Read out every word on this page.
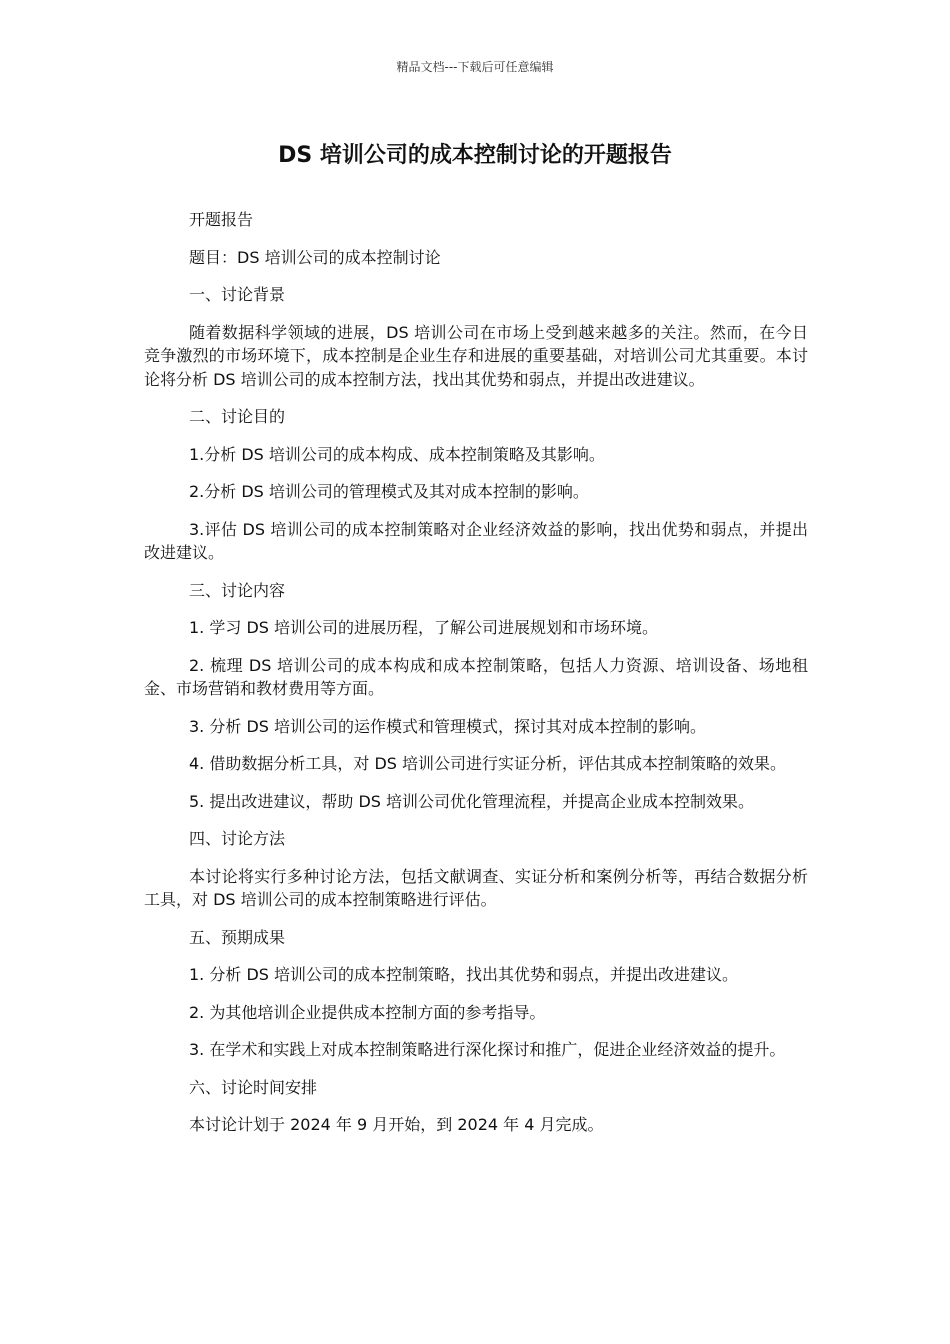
精品文档---下载后可任意编辑
DS 培训公司的成本控制讨论的开题报告

开题报告

题目：DS 培训公司的成本控制讨论

一、讨论背景

随着数据科学领域的进展，DS 培训公司在市场上受到越来越多的关注。然而，在今日竞争激烈的市场环境下，成本控制是企业生存和进展的重要基础，对培训公司尤其重要。本讨论将分析 DS 培训公司的成本控制方法，找出其优势和弱点，并提出改进建议。

二、讨论目的

1.分析 DS 培训公司的成本构成、成本控制策略及其影响。

2.分析 DS 培训公司的管理模式及其对成本控制的影响。

3.评估 DS 培训公司的成本控制策略对企业经济效益的影响，找出优势和弱点，并提出改进建议。

三、讨论内容

1. 学习 DS 培训公司的进展历程，了解公司进展规划和市场环境。

2. 梳理 DS 培训公司的成本构成和成本控制策略，包括人力资源、培训设备、场地租金、市场营销和教材费用等方面。

3. 分析 DS 培训公司的运作模式和管理模式，探讨其对成本控制的影响。

4. 借助数据分析工具，对 DS 培训公司进行实证分析，评估其成本控制策略的效果。

5. 提出改进建议，帮助 DS 培训公司优化管理流程，并提高企业成本控制效果。

四、讨论方法

本讨论将实行多种讨论方法，包括文献调查、实证分析和案例分析等，再结合数据分析工具，对 DS 培训公司的成本控制策略进行评估。

五、预期成果

1. 分析 DS 培训公司的成本控制策略，找出其优势和弱点，并提出改进建议。

2. 为其他培训企业提供成本控制方面的参考指导。

3. 在学术和实践上对成本控制策略进行深化探讨和推广，促进企业经济效益的提升。

六、讨论时间安排

本讨论计划于 2024 年 9 月开始，到 2024 年 4 月完成。
